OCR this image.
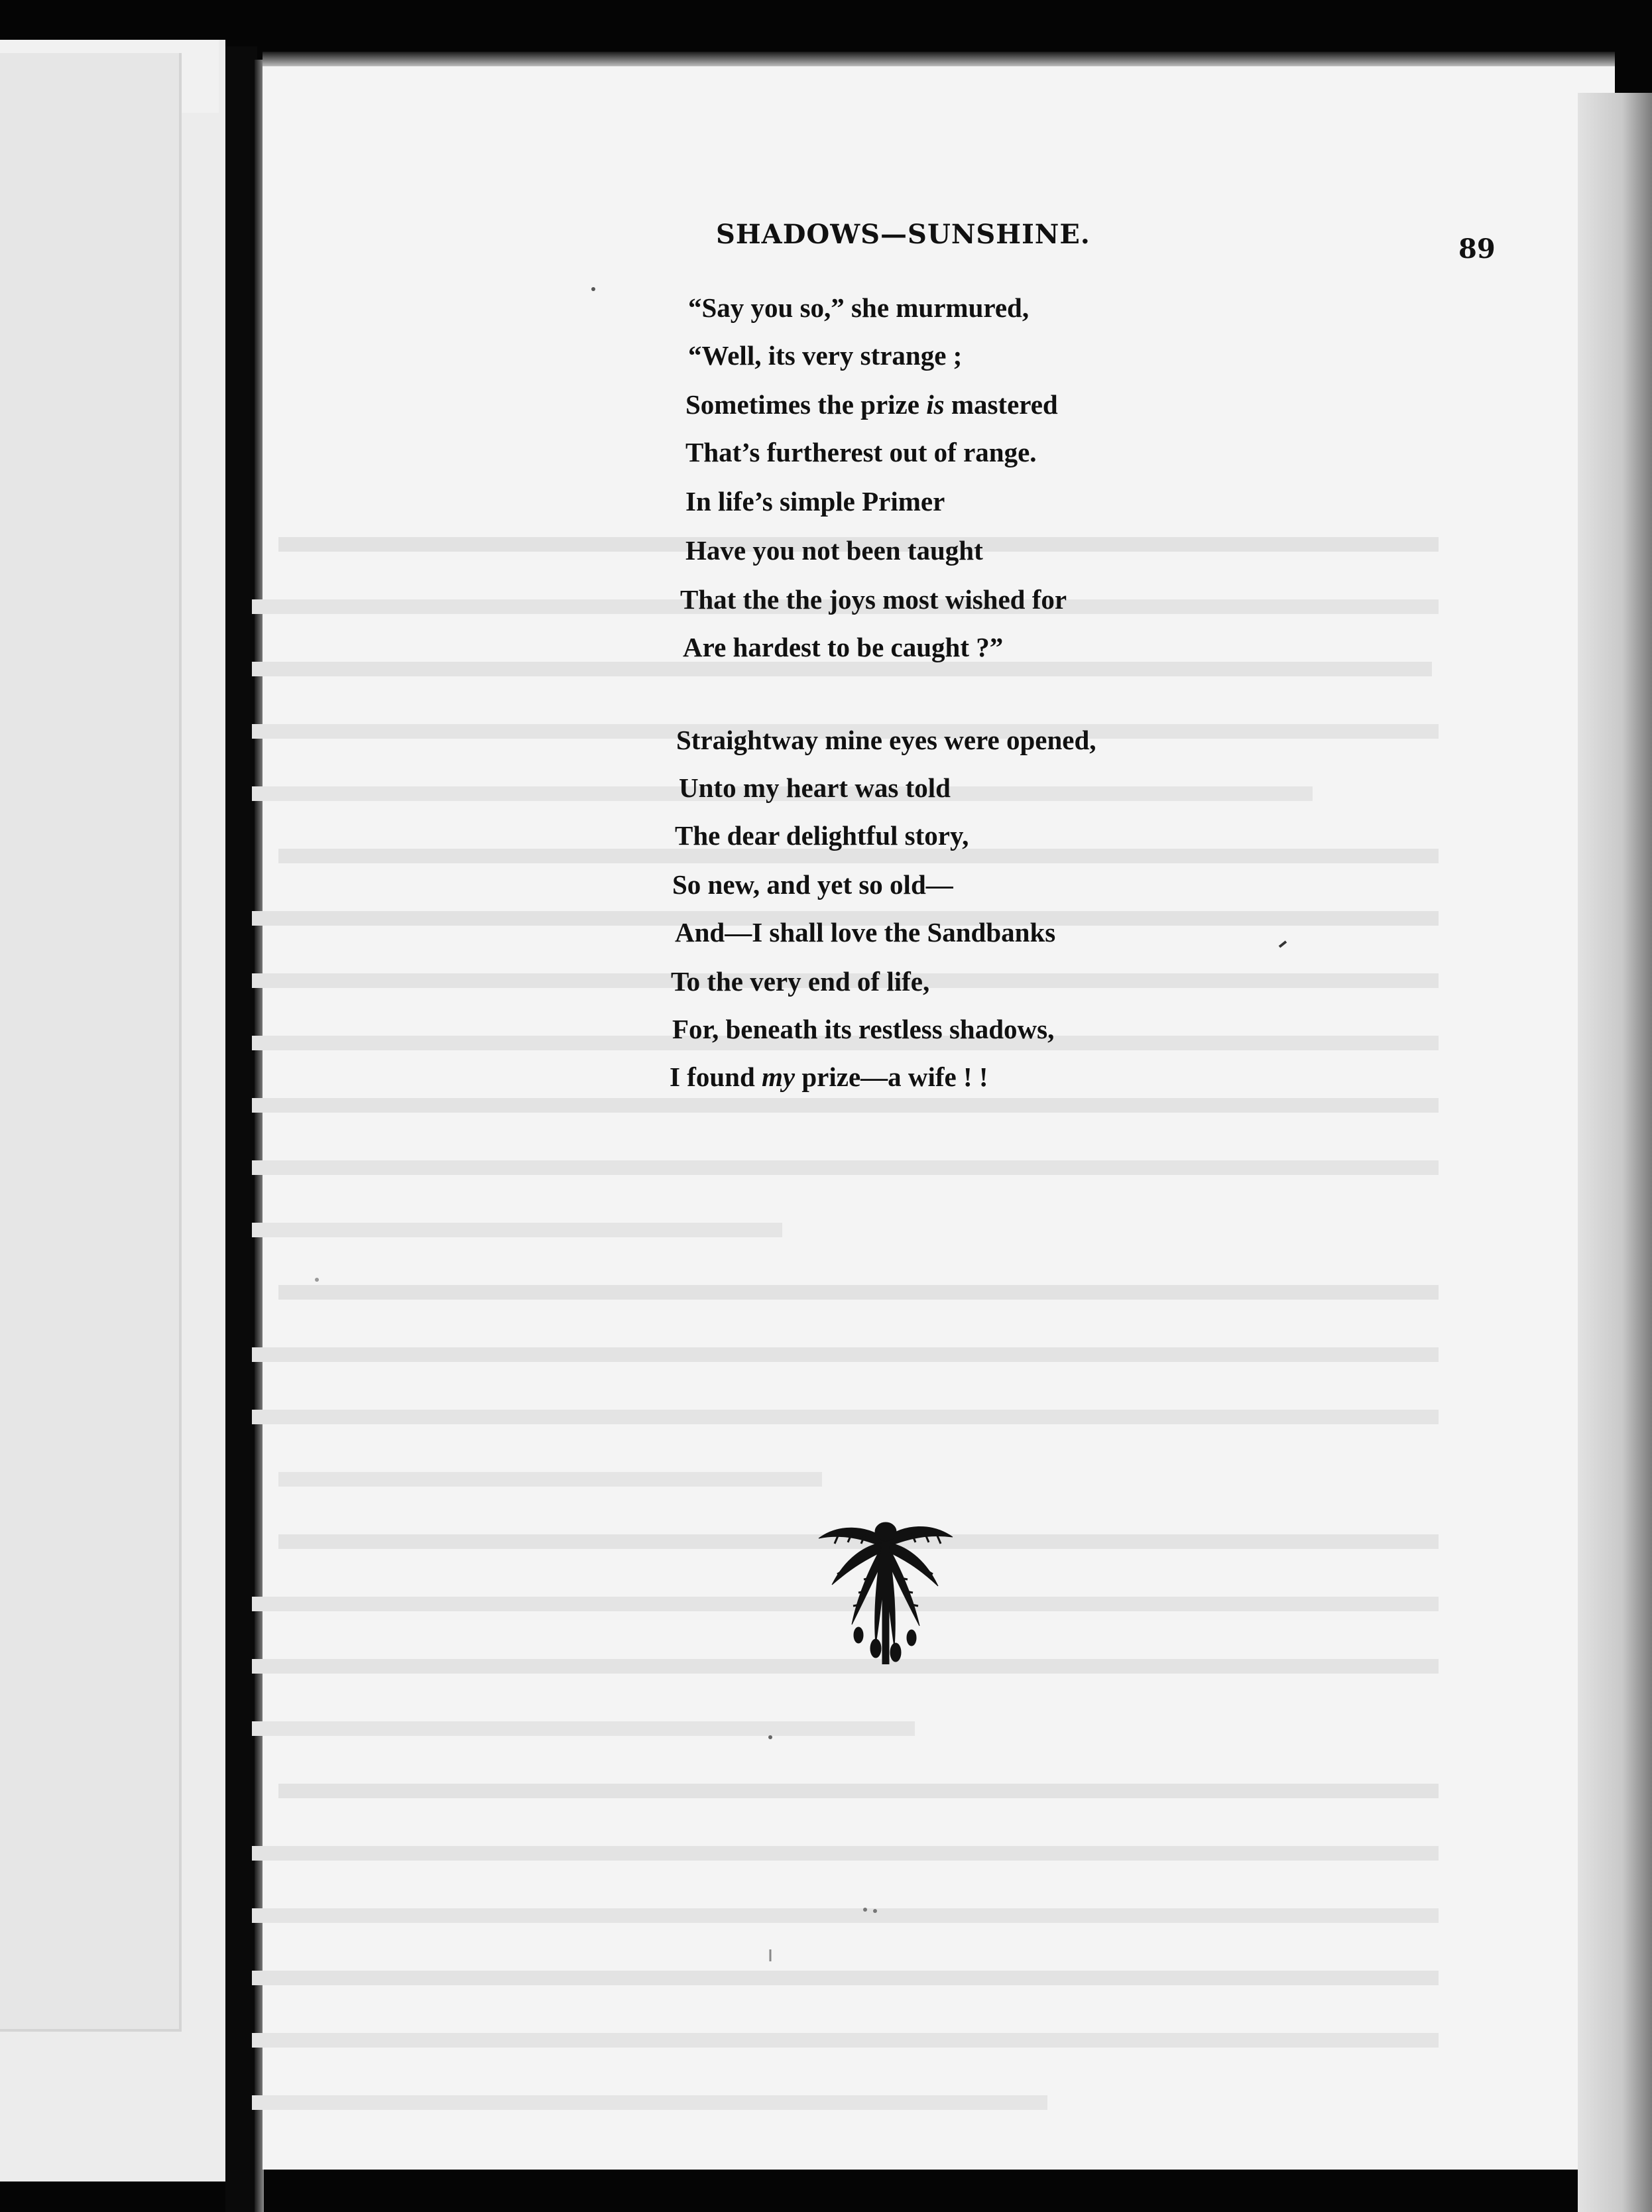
SHADOWS—SUNSHINE.	89
“Say you so,” she murmured,
“Well, its very strange ;
Sometimes the prize is mastered
That’s furtherest out of range.
In life’s simple Primer
Have you not been taught
That the the joys most wished for
Are hardest to be caught ?”
Straightway mine eyes were opened,
Unto my heart was told
The dear delightful story,
So new, and yet so old—
And—I shall love the Sandbanks
To the very end of life,
For, beneath its restless shadows,
I found my prize—a wife ! !
